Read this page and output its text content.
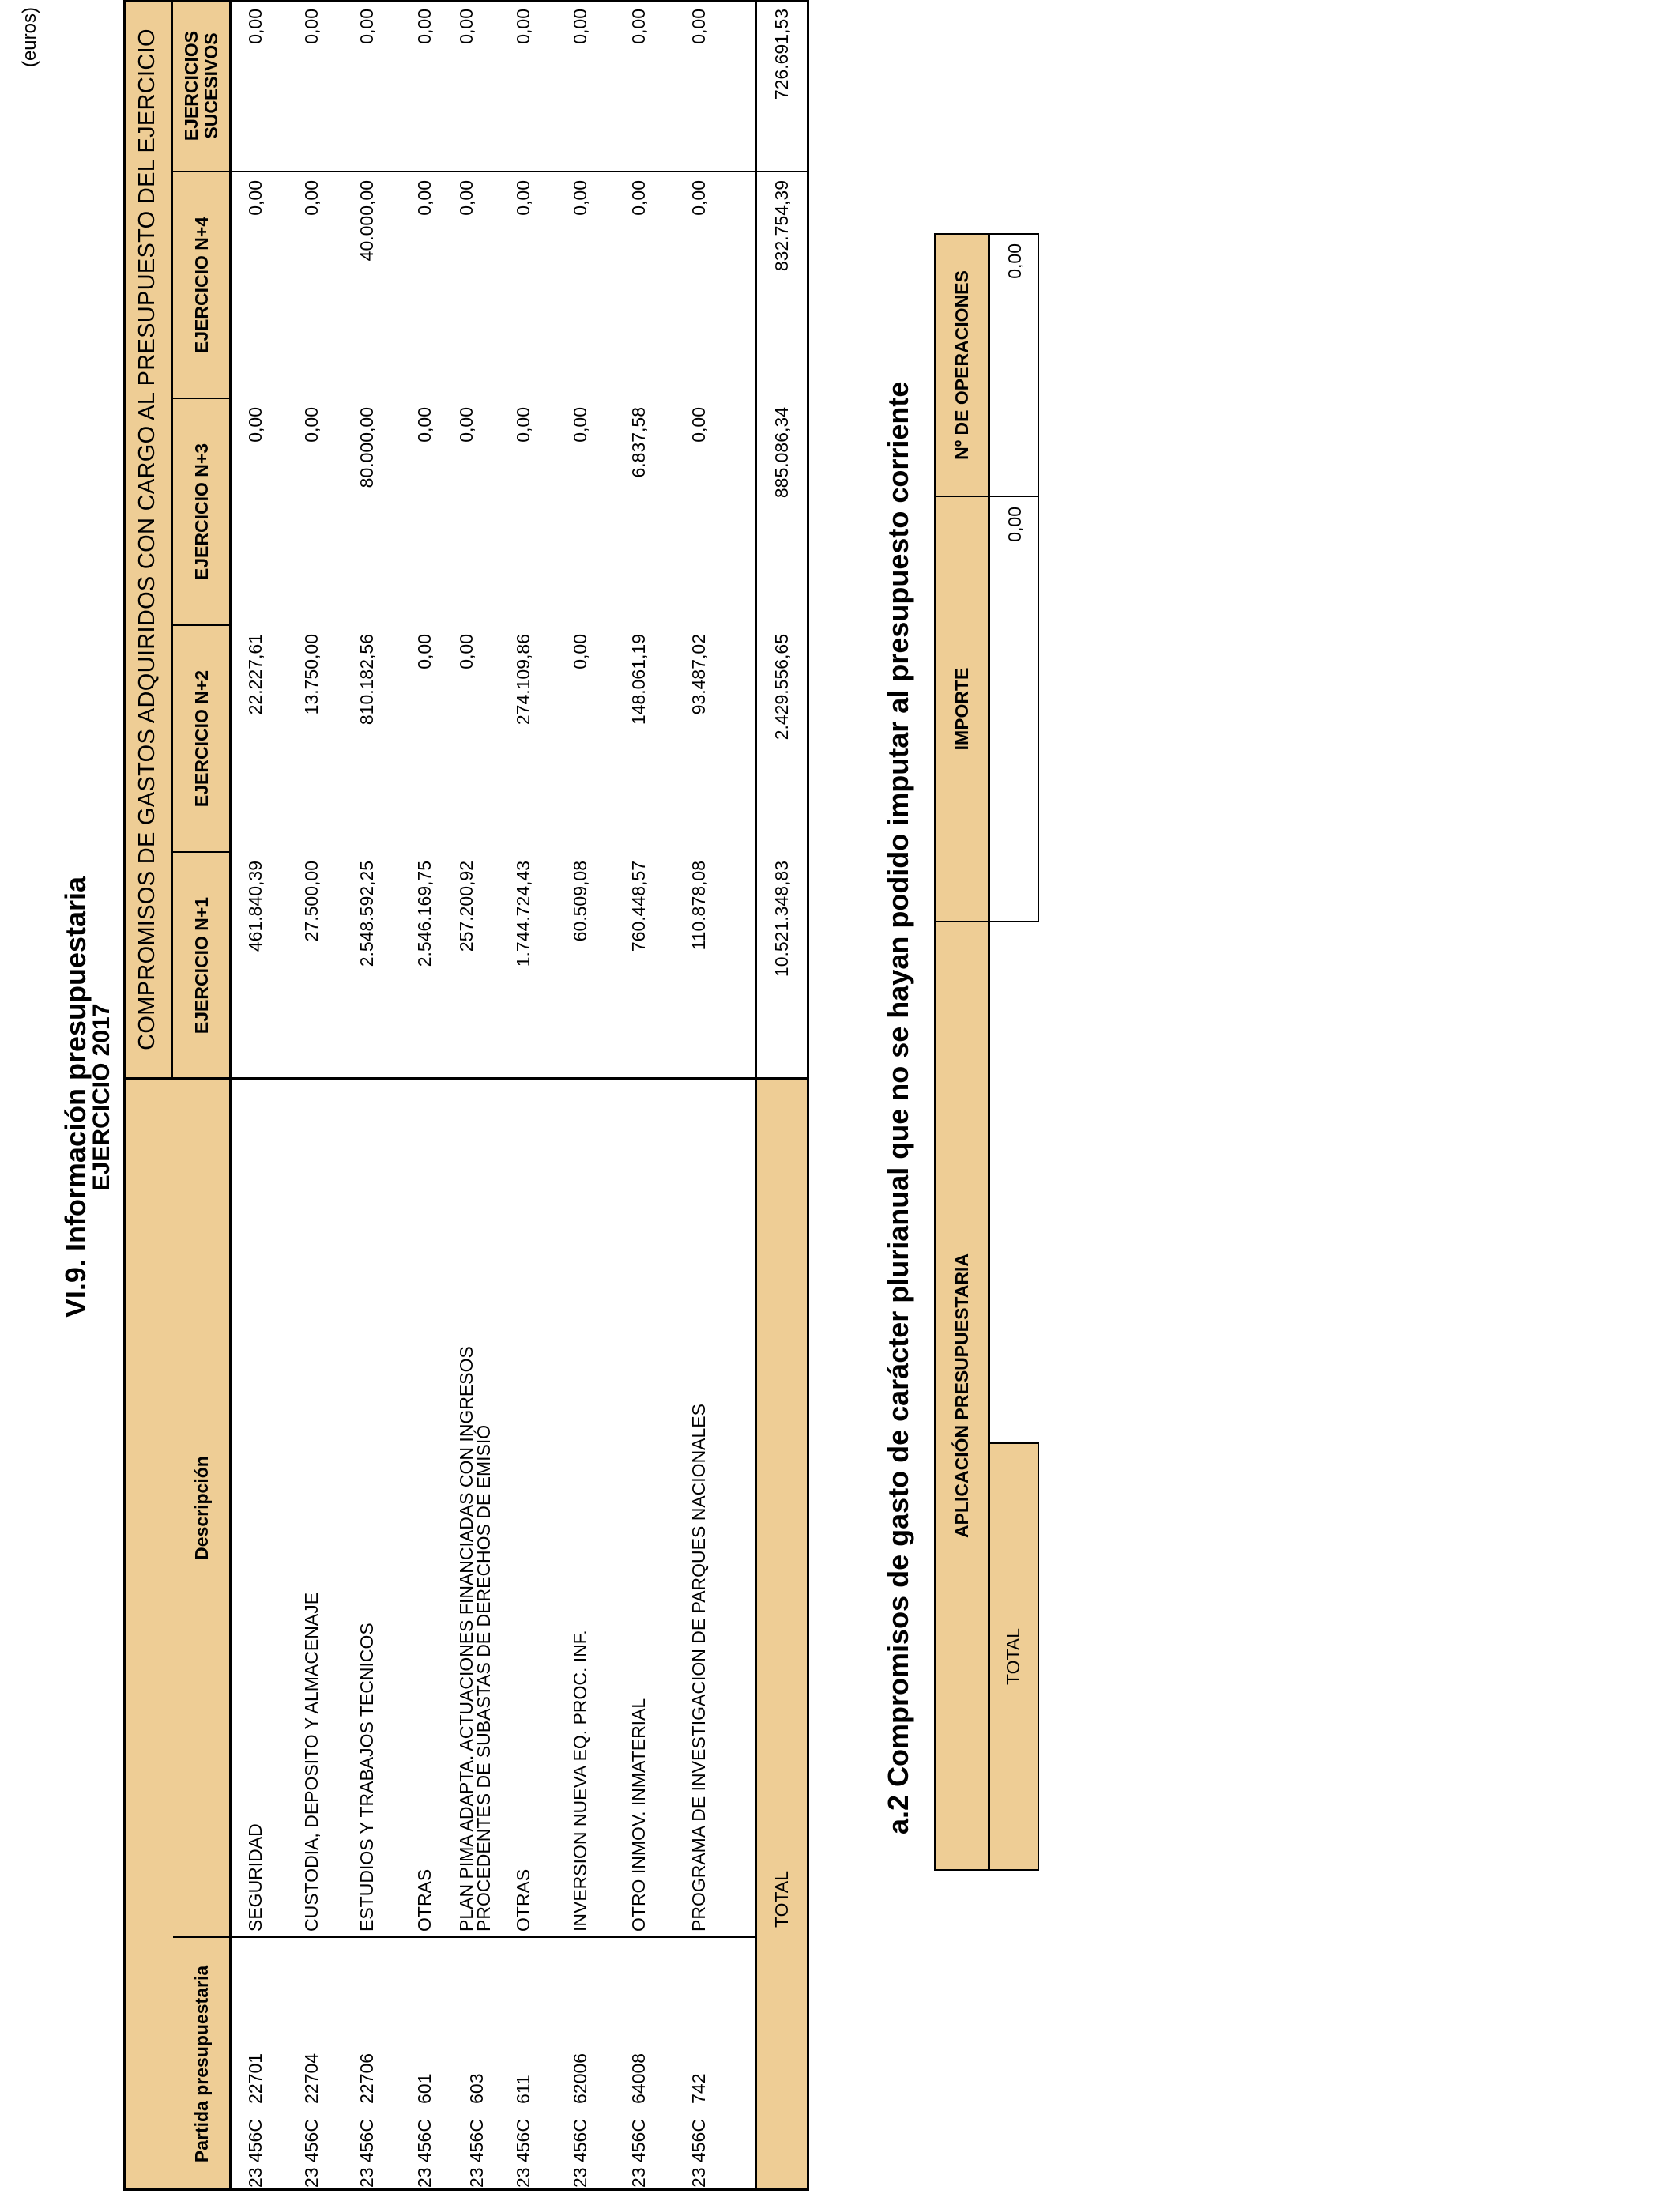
VI.9. Información presupuestaria
EJERCICIO 2017
(euros)	COMPROMISOS DE GASTOS ADQUIRIDOS CON CARGO AL PRESUPUESTO DEL EJERCICIO
Partida presupuestaria
Descripción
EJERCICIO N+1
EJERCICIO N+2
EJERCICIO N+3
EJERCICIO N+4
EJERCICIOS SUCESIVOS
23 456C   22701
SEGURIDAD
461.840,39
22.227,61
0,00
0,00
0,00
23 456C   22704
CUSTODIA, DEPOSITO Y ALMACENAJE
27.500,00
13.750,00
0,00
0,00
0,00
23 456C   22706
ESTUDIOS Y TRABAJOS TECNICOS
2.548.592,25
810.182,56
80.000,00
40.000,00
0,00
23 456C   601
OTRAS
2.546.169,75
0,00
0,00
0,00
0,00
23 456C   603
PLAN PIMA ADAPTA. ACTUACIONES FINANCIADAS CON INGRESOS
PROCEDENTES DE SUBASTAS DE DERECHOS DE EMISIÓ
257.200,92
0,00
0,00
0,00
0,00
23 456C   611
OTRAS
1.744.724,43
274.109,86
0,00
0,00
0,00
23 456C   62006
INVERSION NUEVA EQ. PROC. INF.
60.509,08
0,00
0,00
0,00
0,00
23 456C   64008
OTRO INMOV. INMATERIAL
760.448,57
148.061,19
6.837,58
0,00
0,00
23 456C   742
PROGRAMA DE INVESTIGACION DE PARQUES NACIONALES
110.878,08
93.487,02
0,00
0,00
0,00
TOTAL
10.521.348,83
2.429.556,65
885.086,34
832.754,39
726.691,53
a.2 Compromisos de gasto de carácter plurianual que no se hayan podido imputar al presupuesto corriente	APLICACIÓN PRESUPUESTARIA
IMPORTE
Nº DE OPERACIONES
TOTAL
0,00
0,00
